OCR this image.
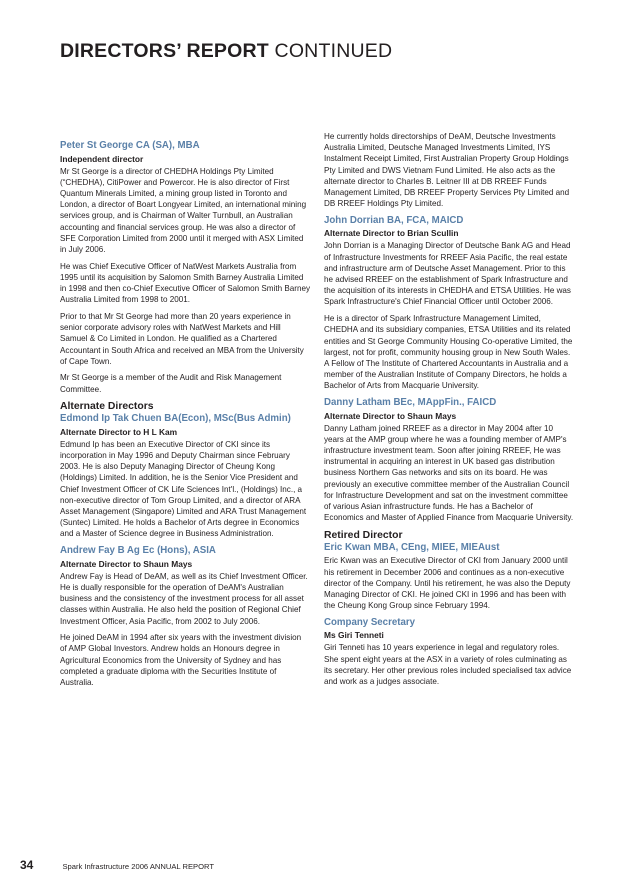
DIRECTORS’ REPORT CONTINUED
Peter St George CA (SA), MBA
Independent director

Mr St George is a director of CHEDHA Holdings Pty Limited (“CHEDHA), CitiPower and Powercor. He is also director of First Quantum Minerals Limited, a mining group listed in Toronto and London, a director of Boart Longyear Limited, an international mining services group, and is Chairman of Walter Turnbull, an Australian accounting and financial services group. He was also a director of SFE Corporation Limited from 2000 until it merged with ASX Limited in July 2006.

He was Chief Executive Officer of NatWest Markets Australia from 1995 until its acquisition by Salomon Smith Barney Australia Limited in 1998 and then co-Chief Executive Officer of Salomon Smith Barney Australia Limited from 1998 to 2001.

Prior to that Mr St George had more than 20 years experience in senior corporate advisory roles with NatWest Markets and Hill Samuel & Co Limited in London. He qualified as a Chartered Accountant in South Africa and received an MBA from the University of Cape Town.

Mr St George is a member of the Audit and Risk Management Committee.

Alternate Directors
Edmond Ip Tak Chuen BA(Econ), MSc(Bus Admin)
Alternate Director to H L Kam

Edmund Ip has been an Executive Director of CKI since its incorporation in May 1996 and Deputy Chairman since February 2003. He is also Deputy Managing Director of Cheung Kong (Holdings) Limited. In addition, he is the Senior Vice President and Chief Investment Officer of CK Life Sciences Int'l., (Holdings) Inc., a non-executive director of Tom Group Limited, and a director of ARA Asset Management (Singapore) Limited and ARA Trust Management (Suntec) Limited. He holds a Bachelor of Arts degree in Economics and a Master of Science degree in Business Administration.

Andrew Fay B Ag Ec (Hons), ASIA
Alternate Director to Shaun Mays

Andrew Fay is Head of DeAM, as well as its Chief Investment Officer. He is dually responsible for the operation of DeAM's Australian business and the consistency of the investment process for all asset classes within Australia. He also held the position of Regional Chief Investment Officer, Asia Pacific, from 2002 to July 2006.

He joined DeAM in 1994 after six years with the investment division of AMP Global Investors. Andrew holds an Honours degree in Agricultural Economics from the University of Sydney and has completed a graduate diploma with the Securities Institute of Australia.

He currently holds directorships of DeAM, Deutsche Investments Australia Limited, Deutsche Managed Investments Limited, IYS Instalment Receipt Limited, First Australian Property Group Holdings Pty Limited and DWS Vietnam Fund Limited. He also acts as the alternate director to Charles B. Leitner III at DB RREEF Funds Management Limited, DB RREEF Property Services Pty Limited and DB RREEF Holdings Pty Limited.

John Dorrian BA, FCA, MAICD
Alternate Director to Brian Scullin

John Dorrian is a Managing Director of Deutsche Bank AG and Head of Infrastructure Investments for RREEF Asia Pacific, the real estate and infrastructure arm of Deutsche Asset Management. Prior to this he advised RREEF on the establishment of Spark Infrastructure and the acquisition of its interests in CHEDHA and ETSA Utilities. He was Spark Infrastructure's Chief Financial Officer until October 2006.

He is a director of Spark Infrastructure Management Limited, CHEDHA and its subsidiary companies, ETSA Utilities and its related entities and St George Community Housing Co-operative Limited, the largest, not for profit, community housing group in New South Wales. A Fellow of The Institute of Chartered Accountants in Australia and a member of the Australian Institute of Company Directors, he holds a Bachelor of Arts from Macquarie University.

Danny Latham BEc, MAppFin., FAICD
Alternate Director to Shaun Mays

Danny Latham joined RREEF as a director in May 2004 after 10 years at the AMP group where he was a founding member of AMP's infrastructure investment team. Soon after joining RREEF, He was instrumental in acquiring an interest in UK based gas distribution business Northern Gas networks and sits on its board. He was previously an executive committee member of the Australian Council for Infrastructure Development and sat on the investment committee of various Asian infrastructure funds. He has a Bachelor of Economics and Master of Applied Finance from Macquarie University.

Retired Director
Eric Kwan MBA, CEng, MIEE, MIEAust

Eric Kwan was an Executive Director of CKI from January 2000 until his retirement in December 2006 and continues as a non-executive director of the Company. Until his retirement, he was also the Deputy Managing Director of CKI. He joined CKI in 1996 and has been with the Cheung Kong Group since February 1994.

Company Secretary
Ms Giri Tenneti

Giri Tenneti has 10 years experience in legal and regulatory roles. She spent eight years at the ASX in a variety of roles culminating as its secretary. Her other previous roles included specialised tax advice and work as a judges associate.

34	Spark Infrastructure 2006 ANNUAL REPORT
